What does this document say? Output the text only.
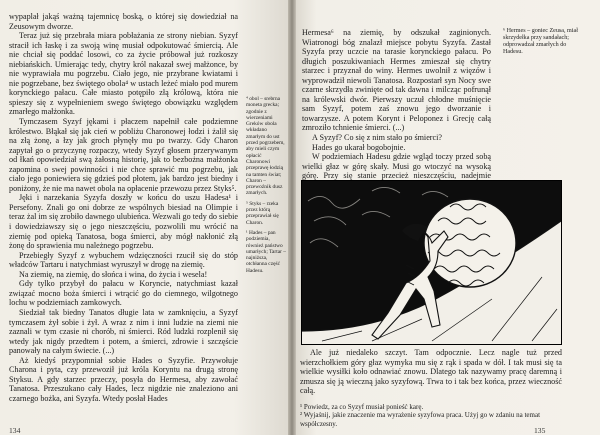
wypaplał jakąś ważną tajemnicę boską, o której się dowiedział na Zeusowym dworze.

Teraz już się przebrała miara pobłażania ze strony niebian. Syzyf stracił ich łaskę i za swoją winę musiał odpokutować śmiercią. Ale nie chciał się poddać losowi, co za życie próbował już rozkoszy niebiańskich. Umierając tedy, chytry król nakazał swej małżonce, by nie wyprawiała mu pogrzebu. Ciało jego, nie przybrane kwiatami i nie pogrzebane, bez świętego obola⁴ w ustach leżeć miało pod murem korynckiego pałacu. Całe miasto potępiło złą królową, która nie spieszy się z wypełnieniem swego świętego obowiązku względem zmarłego małżonka.

Tymczasem Syzyf jękami i płaczem napełnił całe podziemne królestwo. Błąkał się jak cień w pobliżu Charonowej łodzi i żalił się na złą żonę, a łzy jak groch płynęły mu po twarzy. Gdy Charon zapytał go o przyczynę rozpaczy, wtedy Syzyf głosem przerywanym od łkań opowiedział swą żałosną historię, jak to bezbożna małżonka zapomina o swej powinności i nie chce sprawić mu pogrzebu, jak ciało jego poniewiera się gdzieś pod płotem, jak bardzo jest biedny i poniżony, że nie ma nawet obola na opłacenie przewozu przez Styks⁵.

Jęki i narzekania Syzyfa doszły w końcu do uszu Hadesa¹ i Persefony. Znali go oni dobrze ze wspólnych biesiad na Olimpie i teraz żal im się zrobiło dawnego ulubieńca. Wezwali go tedy do siebie i dowiedziawszy się o jego nieszczęściu, pozwolili mu wrócić na ziemię pod opieką Tanatosa, boga śmierci, aby mógł nakłonić złą żonę do sprawienia mu należnego pogrzebu.

Przebiegły Syzyf z wybuchem wdzięczności rzucił się do stóp władców Tartaru i natychmiast wyruszył w drogę na ziemię.

Na ziemię, na ziemię, do słońca i wina, do życia i wesela!

Gdy tylko przybył do pałacu w Koryncie, natychmiast kazał związać mocno boża śmierci i wtrącić go do ciemnego, wilgotnego lochu w podziemiach zamkowych.

Siedział tak biedny Tanatos długie lata w zamknięciu, a Syzyf tymczasem żył sobie i żył. A wraz z nim i inni ludzie na ziemi nie zaznali w tym czasie ni chorób, ni śmierci. Ród ludzki rozplenił się wtedy jak nigdy przedtem i potem, a śmierci, zdrowie i szczęście panowały na całym świecie. (...)

Aż kiedyś przypomniał sobie Hades o Syzyfie. Przywołuje Charona i pyta, czy przewoził już króla Koryntu na drugą stronę Styksu. A gdy starzec przeczy, posyła do Hermesa, aby zawołać Tanatosa. Przeszukano cały Hades, lecz nigdzie nie znaleziono ani czarnego bożka, ani Syzyfa. Wtedy posłał Hades

⁴ obol – srebrna moneta grecka; zgodnie z wierzeniami Greków obola wkładano zmarłym do ust przed pogrzebem, aby mieli czym opłacić Charonowi przeprawę łodzią na tamten świat; Charon – przewoźnik dusz zmarłych.
⁵ Styks – rzeka przez którą przeprawiał się Charon.
¹ Hades – pan podziemia, również państwo umarłych; Tartar – najniższa, otchłanna część Hadesu.
134

Hermesa⁶ na ziemię, by odszukał zaginionych. Wiatronogi bóg znalazł miejsce pobytu Syzyfa. Zastał Syzyfa przy uczcie na tarasie korynckiego pałacu. Po długich poszukiwaniach Hermes zmieszał się chytry starzec i przyznał do winy. Hermes uwolnił z więzów i wyprowadził niewoli Tanatosa. Rozpostarł syn Nocy swe czarne skrzydła zwinięte od tak dawna i milcząc pofrunął na królewski dwór. Pierwszy uczuł chłodne muśnięcie sam Syzyf, potem zaś znowu jego dworzanie i towarzysze. A potem Korynt i Peloponez i Grecję całą zmroziło tchnienie śmierci. (...)

A Syzyf? Co się z nim stało po śmierci?

Hades go ukarał bogobojnie.

W podziemiach Hadesu gdzie wgląd toczy przed sobą wielki głaz w górę skały. Musi go wtoczyć na wysoką górę. Przy się stanie przecież nieszczęściu, nadejmie

⁶ Hermes – goniec Zeusa, miał skrzydełka przy sandałach; odprowadzał zmarłych do Hadesu.

Ale już niedaleko szczyt. Tam odpocznie. Lecz nagle tuż przed wierzchołkiem góry głaz wymyka mu się z rąk i spada w dół. I tak musi się ta wielkie wysiłki koło odnawiać znowu. Dlatego tak nazywamy pracę daremną i zmusza się ją wieczną jako syzyfową. Trwa to i tak bez końca, przez wieczność całą.

¹ Powiedz, za co Syzyf musiał ponieść karę.

² Wyjaśnij, jakie znaczenie ma wyrażenie syzyfowa praca. Użyj go w zdaniu na temat współczesny.

135
